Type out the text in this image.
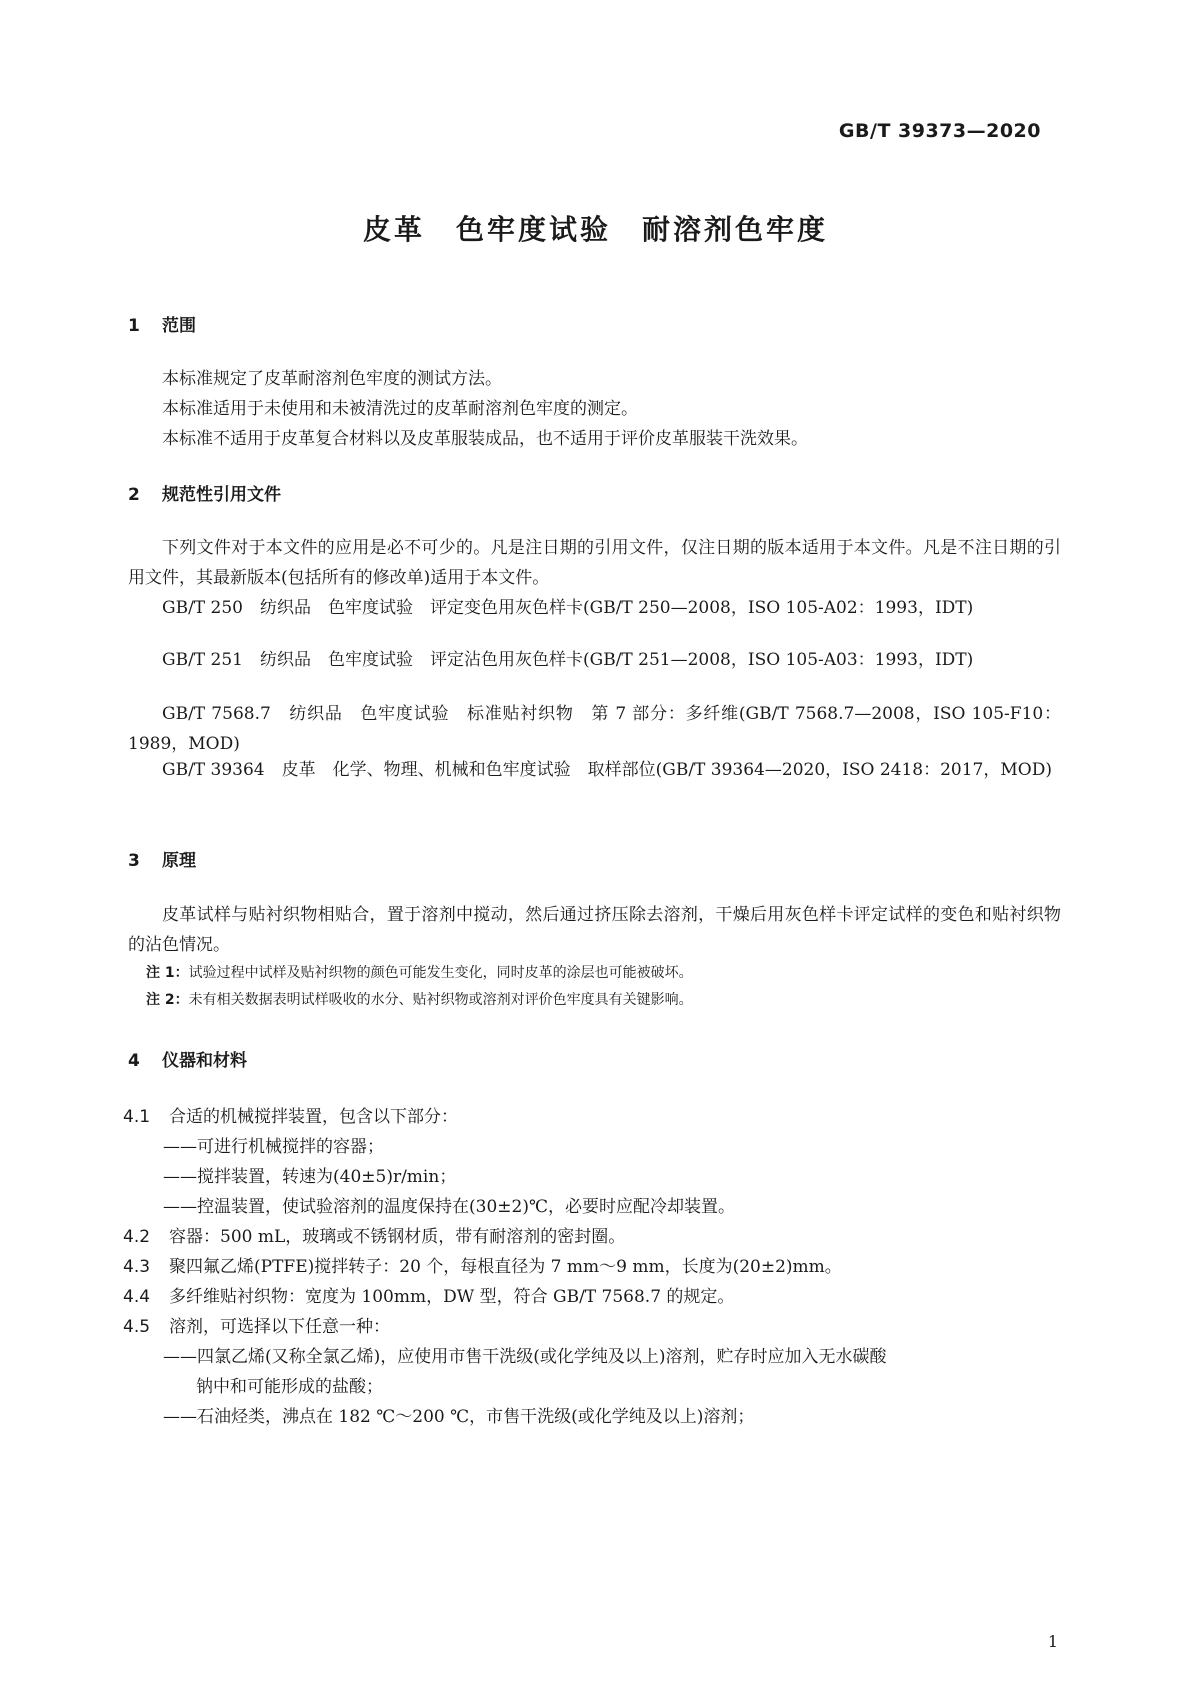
GB/T 39373—2020
皮革　色牢度试验　耐溶剂色牢度
1 范围
本标准规定了皮革耐溶剂色牢度的测试方法。
本标准适用于未使用和未被清洗过的皮革耐溶剂色牢度的测定。
本标准不适用于皮革复合材料以及皮革服装成品，也不适用于评价皮革服装干洗效果。
2 规范性引用文件
下列文件对于本文件的应用是必不可少的。凡是注日期的引用文件，仅注日期的版本适用于本文件。凡是不注日期的引用文件，其最新版本(包括所有的修改单)适用于本文件。
GB/T 250　纺织品　色牢度试验　评定变色用灰色样卡(GB/T 250—2008，ISO 105-A02：1993，IDT)
GB/T 251　纺织品　色牢度试验　评定沾色用灰色样卡(GB/T 251—2008，ISO 105-A03：1993，IDT)
GB/T 7568.7　纺织品　色牢度试验　标准贴衬织物　第 7 部分：多纤维(GB/T 7568.7—2008，ISO 105-F10：1989，MOD)
GB/T 39364　皮革　化学、物理、机械和色牢度试验　取样部位(GB/T 39364—2020，ISO 2418：2017，MOD)
3 原理
皮革试样与贴衬织物相贴合，置于溶剂中搅动，然后通过挤压除去溶剂，干燥后用灰色样卡评定试样的变色和贴衬织物的沾色情况。
注 1：试验过程中试样及贴衬织物的颜色可能发生变化，同时皮革的涂层也可能被破坏。
注 2：未有相关数据表明试样吸收的水分、贴衬织物或溶剂对评价色牢度具有关键影响。
4 仪器和材料
4.1 合适的机械搅拌装置，包含以下部分：
——可进行机械搅拌的容器；
——搅拌装置，转速为(40±5)r/min；
——控温装置，使试验溶剂的温度保持在(30±2)℃，必要时应配冷却装置。
4.2 容器：500 mL，玻璃或不锈钢材质，带有耐溶剂的密封圈。
4.3 聚四氟乙烯(PTFE)搅拌转子：20 个，每根直径为 7 mm～9 mm，长度为(20±2)mm。
4.4 多纤维贴衬织物：宽度为 100mm，DW 型，符合 GB/T 7568.7 的规定。
4.5 溶剂，可选择以下任意一种：
——四氯乙烯(又称全氯乙烯)，应使用市售干洗级(或化学纯及以上)溶剂，贮存时应加入无水碳酸
钠中和可能形成的盐酸；
——石油烃类，沸点在 182 ℃～200 ℃，市售干洗级(或化学纯及以上)溶剂；
1
